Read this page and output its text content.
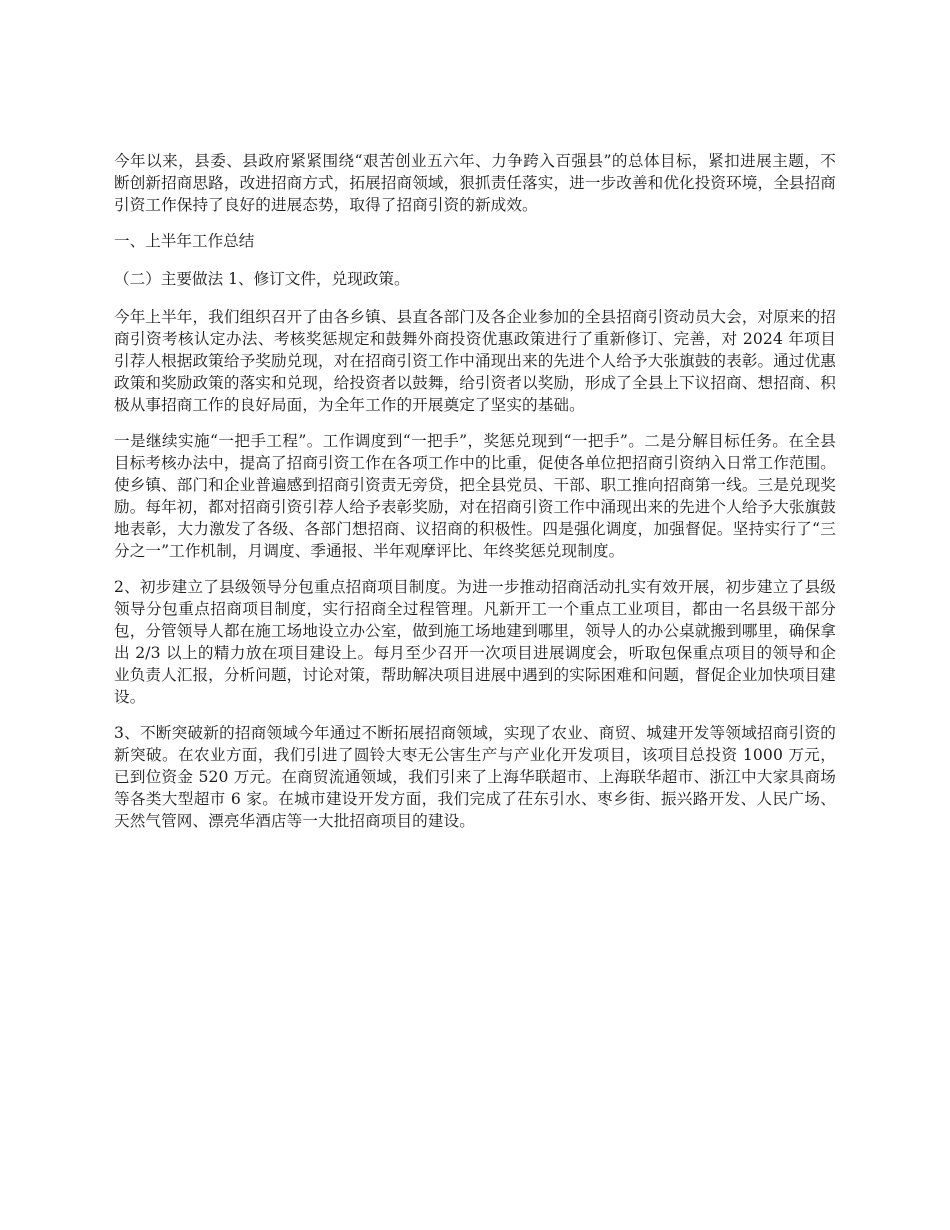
今年以来，县委、县政府紧紧围绕“艰苦创业五六年、力争跨入百强县”的总体目标，紧扣进展主题，不断创新招商思路，改进招商方式，拓展招商领域，狠抓责任落实，进一步改善和优化投资环境，全县招商引资工作保持了良好的进展态势，取得了招商引资的新成效。

一、上半年工作总结

（二）主要做法 1、修订文件，兑现政策。

今年上半年，我们组织召开了由各乡镇、县直各部门及各企业参加的全县招商引资动员大会，对原来的招商引资考核认定办法、考核奖惩规定和鼓舞外商投资优惠政策进行了重新修订、完善，对 2024 年项目引荐人根据政策给予奖励兑现，对在招商引资工作中涌现出来的先进个人给予大张旗鼓的表彰。通过优惠政策和奖励政策的落实和兑现，给投资者以鼓舞，给引资者以奖励，形成了全县上下议招商、想招商、积极从事招商工作的良好局面，为全年工作的开展奠定了坚实的基础。

一是继续实施“一把手工程”。工作调度到“一把手”，奖惩兑现到“一把手”。二是分解目标任务。在全县目标考核办法中，提高了招商引资工作在各项工作中的比重，促使各单位把招商引资纳入日常工作范围。使乡镇、部门和企业普遍感到招商引资责无旁贷，把全县党员、干部、职工推向招商第一线。三是兑现奖励。每年初，都对招商引资引荐人给予表彰奖励，对在招商引资工作中涌现出来的先进个人给予大张旗鼓地表彰，大力激发了各级、各部门想招商、议招商的积极性。四是强化调度，加强督促。坚持实行了“三分之一”工作机制，月调度、季通报、半年观摩评比、年终奖惩兑现制度。

2、初步建立了县级领导分包重点招商项目制度。为进一步推动招商活动扎实有效开展，初步建立了县级领导分包重点招商项目制度，实行招商全过程管理。凡新开工一个重点工业项目，都由一名县级干部分包，分管领导人都在施工场地设立办公室，做到施工场地建到哪里，领导人的办公桌就搬到哪里，确保拿出 2/3 以上的精力放在项目建设上。每月至少召开一次项目进展调度会，听取包保重点项目的领导和企业负责人汇报，分析问题，讨论对策，帮助解决项目进展中遇到的实际困难和问题，督促企业加快项目建设。

3、不断突破新的招商领域今年通过不断拓展招商领域，实现了农业、商贸、城建开发等领域招商引资的新突破。在农业方面，我们引进了圆铃大枣无公害生产与产业化开发项目，该项目总投资 1000 万元，已到位资金 520 万元。在商贸流通领域，我们引来了上海华联超市、上海联华超市、浙江中大家具商场等各类大型超市 6 家。在城市建设开发方面，我们完成了茌东引水、枣乡街、振兴路开发、人民广场、天然气管网、漂亮华酒店等一大批招商项目的建设。
